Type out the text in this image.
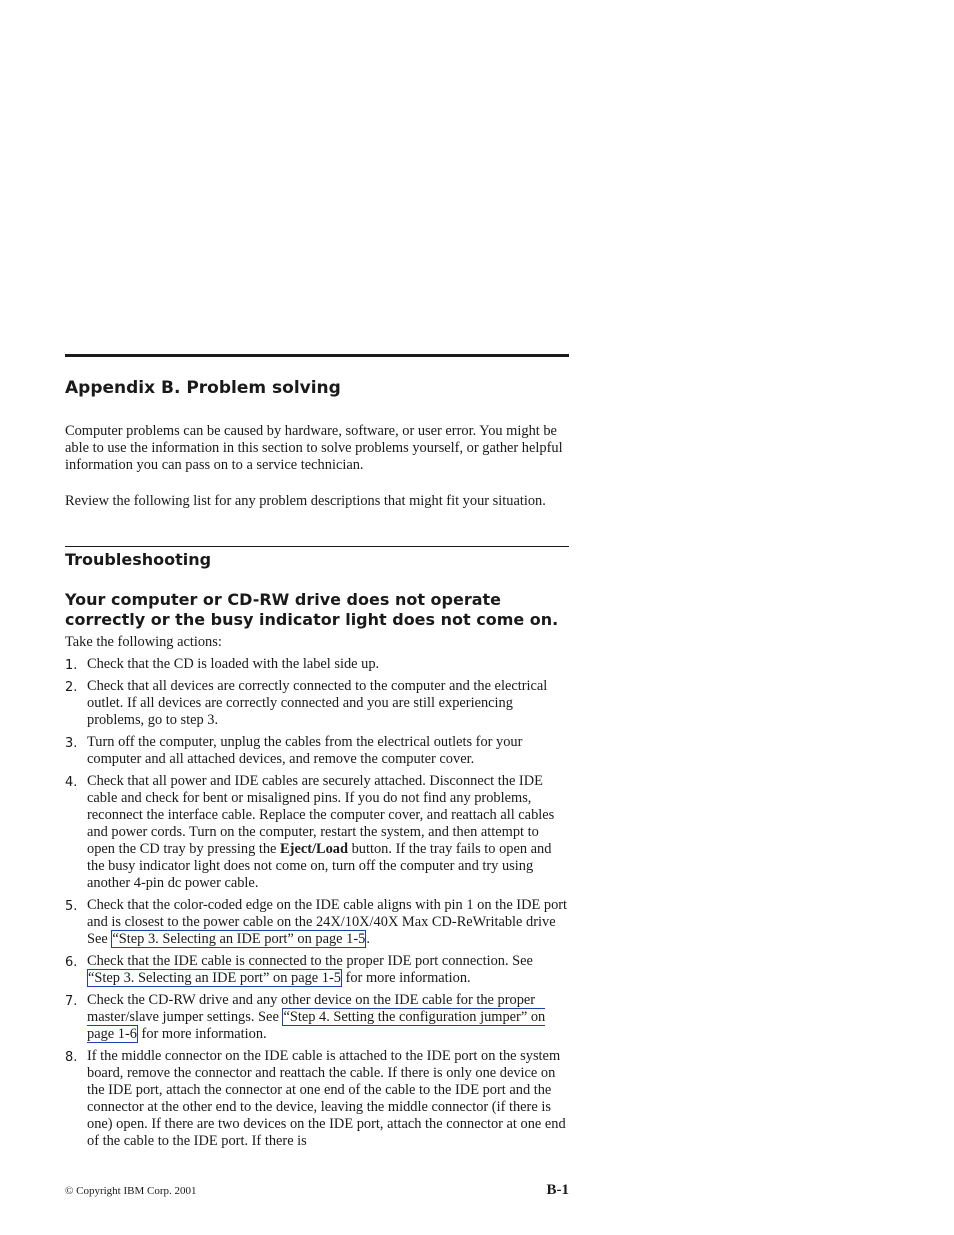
Appendix B. Problem solving
Computer problems can be caused by hardware, software, or user error. You might be able to use the information in this section to solve problems yourself, or gather helpful information you can pass on to a service technician.
Review the following list for any problem descriptions that might fit your situation.
Troubleshooting
Your computer or CD-RW drive does not operate correctly or the busy indicator light does not come on.
Take the following actions:
1. Check that the CD is loaded with the label side up.
2. Check that all devices are correctly connected to the computer and the electrical outlet. If all devices are correctly connected and you are still experiencing problems, go to step 3.
3. Turn off the computer, unplug the cables from the electrical outlets for your computer and all attached devices, and remove the computer cover.
4. Check that all power and IDE cables are securely attached. Disconnect the IDE cable and check for bent or misaligned pins. If you do not find any problems, reconnect the interface cable. Replace the computer cover, and reattach all cables and power cords. Turn on the computer, restart the system, and then attempt to open the CD tray by pressing the Eject/Load button. If the tray fails to open and the busy indicator light does not come on, turn off the computer and try using another 4-pin dc power cable.
5. Check that the color-coded edge on the IDE cable aligns with pin 1 on the IDE port and is closest to the power cable on the 24X/10X/40X Max CD-ReWritable drive See “Step 3. Selecting an IDE port” on page 1-5.
6. Check that the IDE cable is connected to the proper IDE port connection. See “Step 3. Selecting an IDE port” on page 1-5 for more information.
7. Check the CD-RW drive and any other device on the IDE cable for the proper master/slave jumper settings. See “Step 4. Setting the configuration jumper” on page 1-6 for more information.
8. If the middle connector on the IDE cable is attached to the IDE port on the system board, remove the connector and reattach the cable. If there is only one device on the IDE port, attach the connector at one end of the cable to the IDE port and the connector at the other end to the device, leaving the middle connector (if there is one) open. If there are two devices on the IDE port, attach the connector at one end of the cable to the IDE port. If there is
© Copyright IBM Corp. 2001	B-1
